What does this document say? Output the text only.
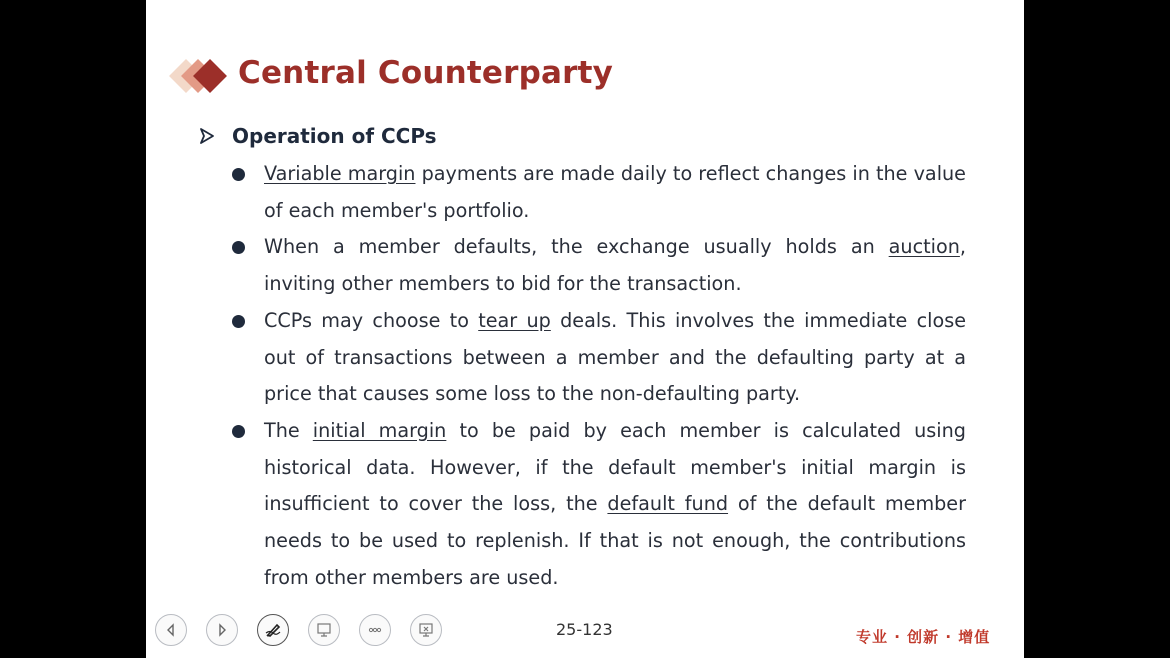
Central Counterparty
Operation of CCPs
Variable margin payments are made daily to reflect changes in the value of each member's portfolio.
When a member defaults, the exchange usually holds an auction, inviting other members to bid for the transaction.
CCPs may choose to tear up deals. This involves the immediate close out of transactions between a member and the defaulting party at a price that causes some loss to the non-defaulting party.
The initial margin to be paid by each member is calculated using historical data. However, if the default member's initial margin is insufficient to cover the loss, the default fund of the default member needs to be used to replenish. If that is not enough, the contributions from other members are used.
25-123	专业 · 创新 · 增值
